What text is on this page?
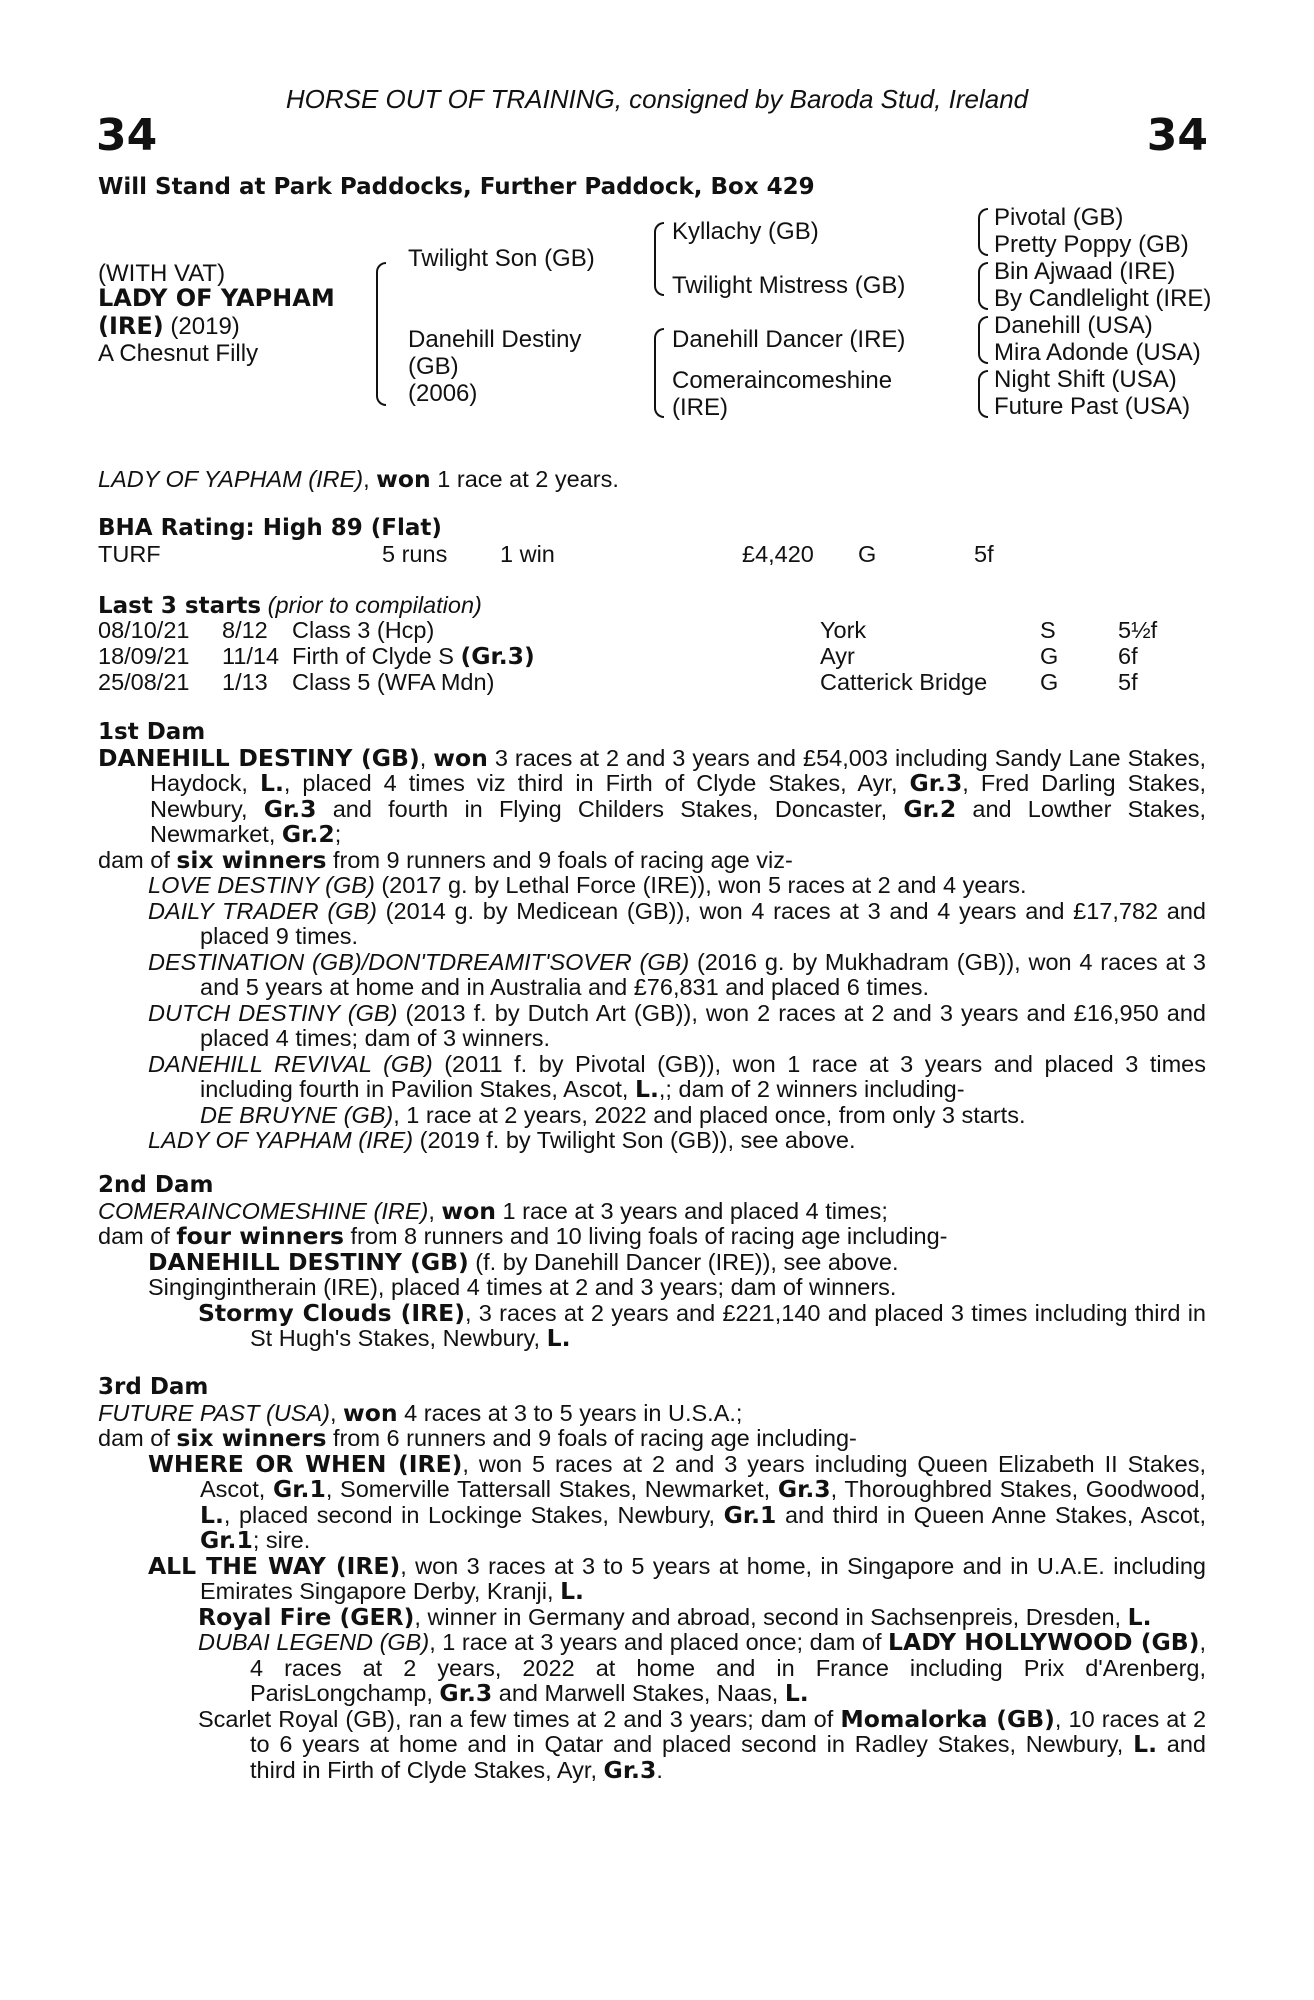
HORSE OUT OF TRAINING, consigned by Baroda Stud, Ireland
34	34
Will Stand at Park Paddocks, Further Paddock, Box 429
(WITH VAT)
LADY OF YAPHAM
(IRE) (2019)
A Chesnut Filly
Twilight Son (GB)
Danehill Destiny
(GB)
(2006)
Kyllachy (GB)
Twilight Mistress (GB)
Danehill Dancer (IRE)
Comeraincomeshine
(IRE)
Pivotal (GB)
Pretty Poppy (GB)
Bin Ajwaad (IRE)
By Candlelight (IRE)
Danehill (USA)
Mira Adonde (USA)
Night Shift (USA)
Future Past (USA)
LADY OF YAPHAM (IRE), won 1 race at 2 years.
BHA Rating: High 89 (Flat)
TURF	5 runs 1 win	£4,420 G	5f
Last 3 starts (prior to compilation)
08/10/21	8/12	Class 3 (Hcp)	York	S	5½f
18/09/21	11/14	Firth of Clyde S (Gr.3)	Ayr	G	6f
25/08/21	1/13	Class 5 (WFA Mdn)	Catterick Bridge	G	5f

1st Dam

DANEHILL DESTINY (GB), won 3 races at 2 and 3 years and £54,003 including Sandy Lane Stakes, Haydock, L., placed 4 times viz third in Firth of Clyde Stakes, Ayr, Gr.3, Fred Darling Stakes, Newbury, Gr.3 and fourth in Flying Childers Stakes, Doncaster, Gr.2 and Lowther Stakes, Newmarket, Gr.2;

dam of six winners from 9 runners and 9 foals of racing age viz-

LOVE DESTINY (GB) (2017 g. by Lethal Force (IRE)), won 5 races at 2 and 4 years.

DAILY TRADER (GB) (2014 g. by Medicean (GB)), won 4 races at 3 and 4 years and £17,782 and placed 9 times.

DESTINATION (GB)/DON'TDREAMIT'SOVER (GB) (2016 g. by Mukhadram (GB)), won 4 races at 3 and 5 years at home and in Australia and £76,831 and placed 6 times.

DUTCH DESTINY (GB) (2013 f. by Dutch Art (GB)), won 2 races at 2 and 3 years and £16,950 and placed 4 times; dam of 3 winners.

DANEHILL REVIVAL (GB) (2011 f. by Pivotal (GB)), won 1 race at 3 years and placed 3 times including fourth in Pavilion Stakes, Ascot, L.,; dam of 2 winners including-

DE BRUYNE (GB), 1 race at 2 years, 2022 and placed once, from only 3 starts.

LADY OF YAPHAM (IRE) (2019 f. by Twilight Son (GB)), see above.

2nd Dam

COMERAINCOMESHINE (IRE), won 1 race at 3 years and placed 4 times;

dam of four winners from 8 runners and 10 living foals of racing age including-

DANEHILL DESTINY (GB) (f. by Danehill Dancer (IRE)), see above.

Singingintherain (IRE), placed 4 times at 2 and 3 years; dam of winners.

Stormy Clouds (IRE), 3 races at 2 years and £221,140 and placed 3 times including third in St Hugh's Stakes, Newbury, L.

3rd Dam

FUTURE PAST (USA), won 4 races at 3 to 5 years in U.S.A.;

dam of six winners from 6 runners and 9 foals of racing age including-

WHERE OR WHEN (IRE), won 5 races at 2 and 3 years including Queen Elizabeth II Stakes, Ascot, Gr.1, Somerville Tattersall Stakes, Newmarket, Gr.3, Thoroughbred Stakes, Goodwood, L., placed second in Lockinge Stakes, Newbury, Gr.1 and third in Queen Anne Stakes, Ascot, Gr.1; sire.

ALL THE WAY (IRE), won 3 races at 3 to 5 years at home, in Singapore and in U.A.E. including Emirates Singapore Derby, Kranji, L.

Royal Fire (GER), winner in Germany and abroad, second in Sachsenpreis, Dresden, L.

DUBAI LEGEND (GB), 1 race at 3 years and placed once; dam of LADY HOLLYWOOD (GB), 4 races at 2 years, 2022 at home and in France including Prix d'Arenberg, ParisLongchamp, Gr.3 and Marwell Stakes, Naas, L.

Scarlet Royal (GB), ran a few times at 2 and 3 years; dam of Momalorka (GB), 10 races at 2 to 6 years at home and in Qatar and placed second in Radley Stakes, Newbury, L. and third in Firth of Clyde Stakes, Ayr, Gr.3.
